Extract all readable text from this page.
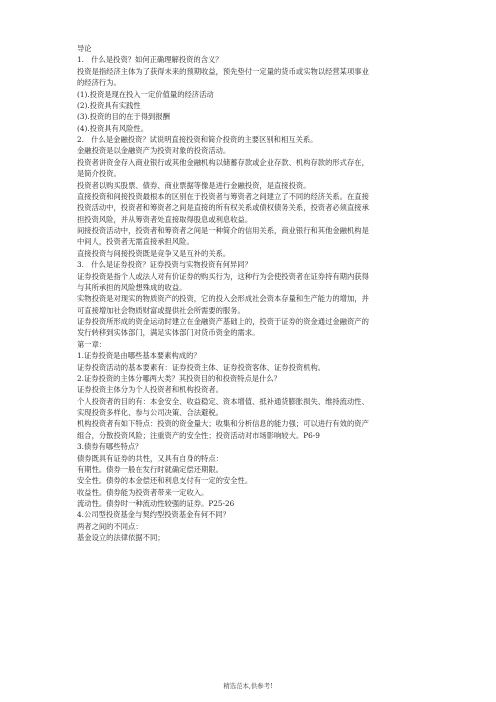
导论
1.　什么是投资？如何正确理解投资的含义？
投资是指经济主体为了获得未来的预期收益，预先垫付一定量的货币或实物以经营某项事业
的经济行为。
(1).投资是现在投入一定价值量的经济活动
(2).投资具有实践性
(3).投资的目的在于得到报酬
(4).投资具有风险性。
2.　什么是金融投资？试说明直接投资和简介投资的主要区别和相互关系。
金融投资是以金融资产为投资对象的投资活动。
投资者讲资金存入商业银行或其他金融机构以储蓄存款或企业存款、机构存款的形式存在，
是简介投资。
投资者以购买股票、债券、商业票据等像是进行金融投资，是直接投资。
直接投资和间接投资最根本的区别在于投资者与筹资者之间建立了不同的经济关系。在直接
投资活动中，投资者和筹资者之间是直接的所有权关系或债权债务关系，投资者必须直接承
担投资风险，并从筹资者处直接取得股息或利息收益。
间接投资活动中，投资者和筹资者之间是一种简介的信用关系，商业银行和其他金融机构是
中间人，投资者无需直接承担风险。
直接投资与间接投资既是竞争又是互补的关系。
3.　什么是证券投资？证券投资与实物投资有何异同？
证券投资是指个人或法人对有价证券的购买行为，这种行为会使投资者在证券持有期内获得
与其所承担的风险想殊成的收益。
实物投资是对现实的物质资产的投资，它的投入会形成社会资本存量和生产能力的增加，并
可直接增加社会物质财富或提供社会所需要的服务。
证券投资所形成的资金运动时建立在金融资产基础上的，投资于证券的资金通过金融资产的
发行转移到实体部门，满足实体部门对货币资金的需求。
第一章：
1.证券投资是由哪些基本要素构成的？
证券投资活动的基本要素有：证券投资主体、证券投资客体、证券投资机构。
2.证券投资的主体分哪两大类？其投资目的和投资特点是什么？
证券投资主体分为个人投资者和机构投资者。
个人投资者的目的有：本金安全、收益稳定、资本增值、抵补通货膨胀损失、维持流动性、
实现投资多样化、参与公司决策、合法避税。
机构投资者有如下特点：投资的资金量大；收集和分析信息的能力强；可以进行有效的资产
组合，分散投资风险；注重资产的安全性；投资活动对市场影响较大。P6-9
3.债券有哪些特点？
债券既具有证券的共性，又具有自身的特点：
有期性。债券一般在发行时就确定偿还期限。
安全性。债券的本金偿还和利息支付有一定的安全性。
收益性。债券能为投资者带来一定收入。
流动性。债券时一种流动性较强的证券。P25-26
4.公司型投资基金与契约型投资基金有何不同？
两者之间的不同点：
基金设立的法律依据不同；
精选范本,供参考!
